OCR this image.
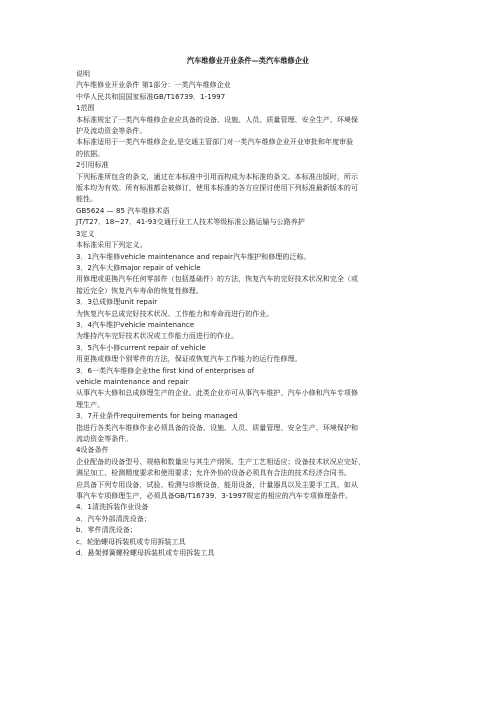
汽车维修业开业条件—类汽车维修企业
说明
汽车维修业开业条件 第1部分：一类汽车维修企业
中华人民共和国国家标准GB/T16739．1-1997
1范围
本标准规定了一类汽车维修企业应具备的设备、设施、人员、质量管理、安全生产、环境保
护及流动资金等条件。
本标准适用于一类汽车维修企业,是交通主管部门对一类汽车维修企业开业审批和年度审验
的依据。
2引用标准
下列标准所包含的条文，通过在本标准中引用而构成为本标准的条文。本标准出版时，所示
版本均为有效。所有标准都会被修订，使用本标准的各方应探讨使用下列标准最新版本的可
能性。
GB5624 — 85 汽车维修术语
JT/T27．18~27．41-93交通行业工人技术等级标准公路运输与公路养护
3定义
本标准采用下列定义。
3．1汽车维修vehicle maintenance and repair汽车维护和修理的泛称。
3．2汽车大修major repair of vehicle
用修理或更换汽车任何零部件（包括基础件）的方法，恢复汽车的完好技术状况和完全（或
接近完全）恢复汽车寿命的恢复性修理。
3．3总成修理unit repair
为恢复汽车总成完好技术状况、工作能力和寿命而进行的作业。
3．4汽车维护vehicle maintenance
为维持汽车完好技术状况或工作能力而进行的作业。
3．5汽车小修current repair of vehicle
用更换或修理个别零件的方法，保证或恢复汽车工作能力的运行性修理。
3．6一类汽车维修企业the first kind of enterprises of
vehicle maintenance and repair
从事汽车大修和总成修理生产的企业。此类企业亦可从事汽车维护、汽车小修和汽车专项修
理生产。
3．7开业条件requirements for being managed
指进行各类汽车维修作业必须具备的设备、设施、人员、质量管理、安全生产、环境保护和
流动资金等条件。
4设备条件
企业配备的设备型号、规格和数量应与其生产纲领、生产工艺相适应；设备技术状况应完好，
满足加工、检测精度要求和使用要求；允许外协的设备必须具有合法的技术经济合同书。
应具备下列专用设备，试验、检测与诊断设备，能用设备，计量器具以及主要手工具，如从
事汽车专项修理生产，必须具备GB/T16739．3-1997规定的相应的汽车专项修理条件。
4．1清洗拆装作业设备
a．汽车外部清洗设备；
b．零件清洗设备；
c．轮胎螺母拆装机或专用拆装工具
d．悬架弹簧螺栓螺母拆装机或专用拆装工具
